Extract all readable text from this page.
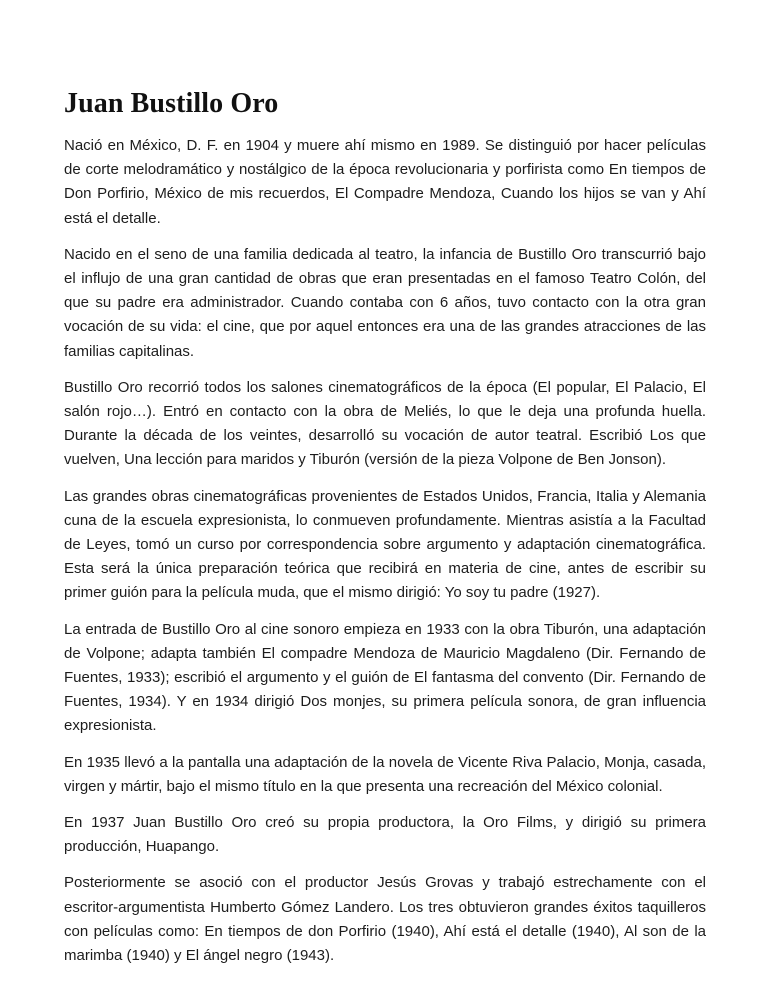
Juan Bustillo Oro

Nació en México, D. F. en 1904 y muere ahí mismo en 1989. Se distinguió por hacer películas de corte melodramático y nostálgico de la época revolucionaria y porfirista como En tiempos de Don Porfirio, México de mis recuerdos, El Compadre Mendoza, Cuando los hijos se van y Ahí está el detalle.

Nacido en el seno de una familia dedicada al teatro, la infancia de Bustillo Oro transcurrió bajo el influjo de una gran cantidad de obras que eran presentadas en el famoso Teatro Colón, del que su padre era administrador. Cuando contaba con 6 años, tuvo contacto con la otra gran vocación de su vida: el cine, que por aquel entonces era una de las grandes atracciones de las familias capitalinas.

Bustillo Oro recorrió todos los salones cinematográficos de la época (El popular, El Palacio, El salón rojo…). Entró en contacto con la obra de Meliés, lo que le deja una profunda huella. Durante la década de los veintes, desarrolló su vocación de autor teatral. Escribió Los que vuelven, Una lección para maridos y Tiburón (versión de la pieza Volpone de Ben Jonson).

Las grandes obras cinematográficas provenientes de Estados Unidos, Francia, Italia y Alemania cuna de la escuela expresionista, lo conmueven profundamente. Mientras asistía a la Facultad de Leyes, tomó un curso por correspondencia sobre argumento y adaptación cinematográfica. Esta será la única preparación teórica que recibirá en materia de cine, antes de escribir su primer guión para la película muda, que el mismo dirigió: Yo soy tu padre (1927).

La entrada de Bustillo Oro al cine sonoro empieza en 1933 con la obra Tiburón, una adaptación de Volpone; adapta también El compadre Mendoza de Mauricio Magdaleno (Dir. Fernando de Fuentes, 1933); escribió el argumento y el guión de El fantasma del convento (Dir. Fernando de Fuentes, 1934). Y en 1934 dirigió Dos monjes, su primera película sonora, de gran influencia expresionista.

En 1935 llevó a la pantalla una adaptación de la novela de Vicente Riva Palacio, Monja, casada, virgen y mártir, bajo el mismo título en la que presenta una recreación del México colonial.

En 1937 Juan Bustillo Oro creó su propia productora, la Oro Films, y dirigió su primera producción, Huapango.

Posteriormente se asoció con el productor Jesús Grovas y trabajó estrechamente con el escritor-argumentista Humberto Gómez Landero. Los tres obtuvieron grandes éxitos taquilleros con películas como: En tiempos de don Porfirio (1940), Ahí está el detalle (1940), Al son de la marimba (1940) y El ángel negro (1943).
